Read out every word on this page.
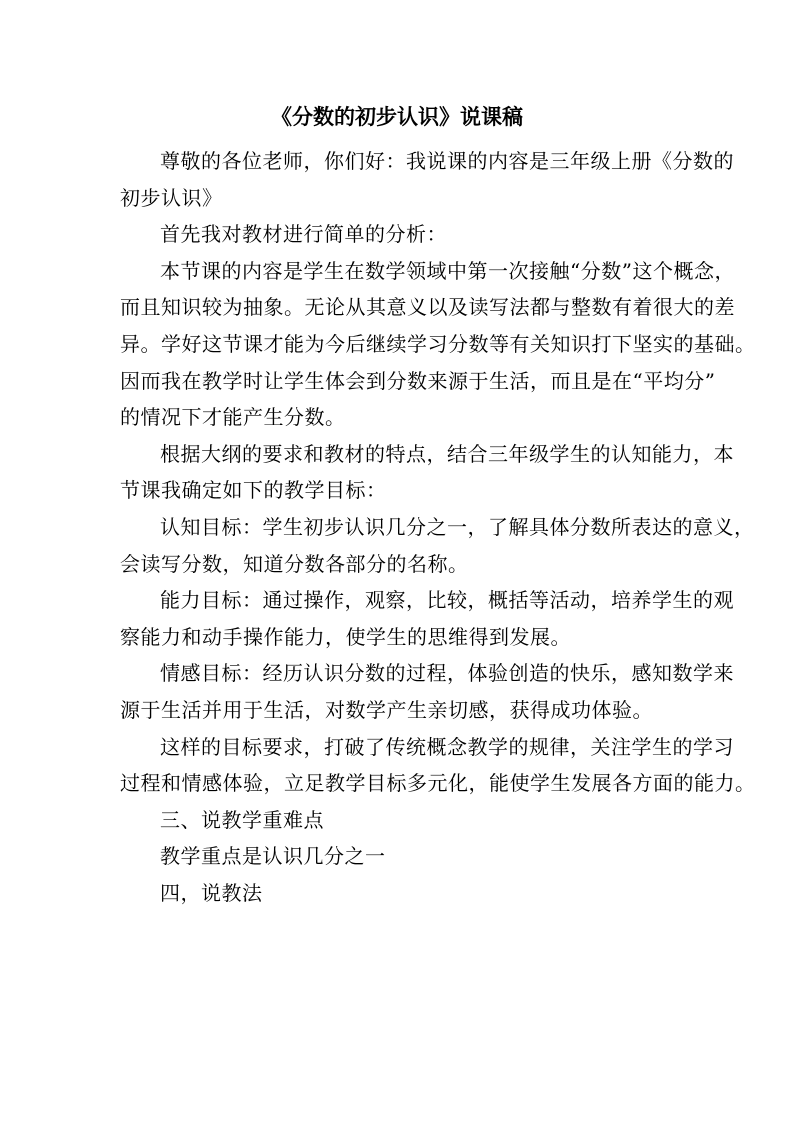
《分数的初步认识》说课稿

尊敬的各位老师，你们好：我说课的内容是三年级上册《分数的
初步认识》

首先我对教材进行简单的分析：

本节课的内容是学生在数学领域中第一次接触“分数”这个概念，
而且知识较为抽象。无论从其意义以及读写法都与整数有着很大的差
异。学好这节课才能为今后继续学习分数等有关知识打下坚实的基础。
因而我在教学时让学生体会到分数来源于生活，而且是在“平均分”
的情况下才能产生分数。

根据大纲的要求和教材的特点，结合三年级学生的认知能力，本
节课我确定如下的教学目标：

认知目标：学生初步认识几分之一，了解具体分数所表达的意义，
会读写分数，知道分数各部分的名称。

能力目标：通过操作，观察，比较，概括等活动，培养学生的观
察能力和动手操作能力，使学生的思维得到发展。

情感目标：经历认识分数的过程，体验创造的快乐，感知数学来
源于生活并用于生活，对数学产生亲切感，获得成功体验。

这样的目标要求，打破了传统概念教学的规律，关注学生的学习
过程和情感体验，立足教学目标多元化，能使学生发展各方面的能力。

三、说教学重难点

教学重点是认识几分之一

四，说教法
